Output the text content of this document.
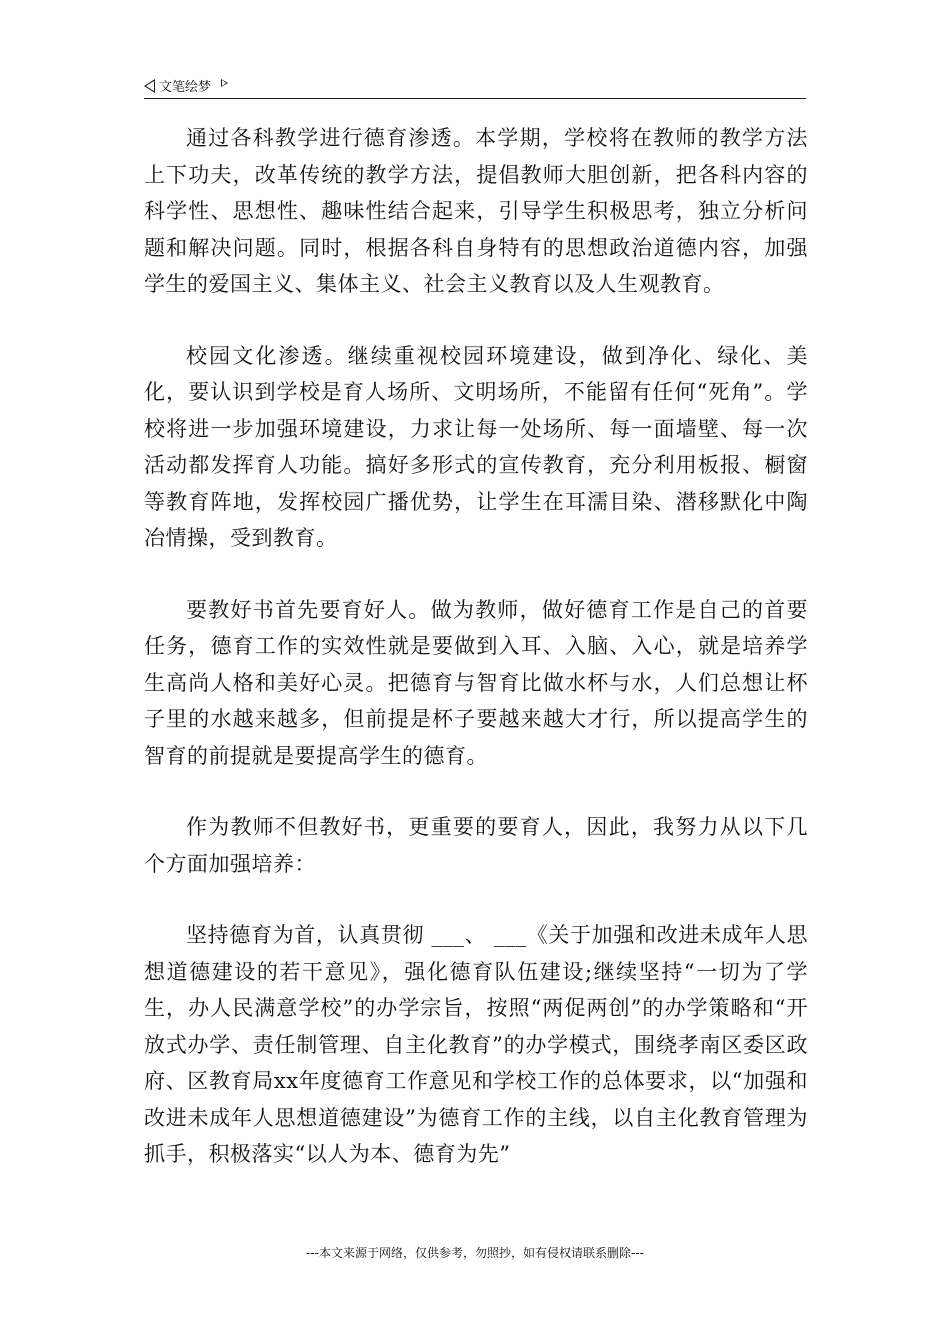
文笔绘梦

通过各科教学进行德育渗透。本学期，学校将在教师的教学方法上下功夫，改革传统的教学方法，提倡教师大胆创新，把各科内容的科学性、思想性、趣味性结合起来，引导学生积极思考，独立分析问题和解决问题。同时，根据各科自身特有的思想政治道德内容，加强学生的爱国主义、集体主义、社会主义教育以及人生观教育。

校园文化渗透。继续重视校园环境建设，做到净化、绿化、美化，要认识到学校是育人场所、文明场所，不能留有任何“死角”。学校将进一步加强环境建设，力求让每一处场所、每一面墙壁、每一次活动都发挥育人功能。搞好多形式的宣传教育，充分利用板报、橱窗等教育阵地，发挥校园广播优势，让学生在耳濡目染、潜移默化中陶冶情操，受到教育。

要教好书首先要育好人。做为教师，做好德育工作是自己的首要任务，德育工作的实效性就是要做到入耳、入脑、入心，就是培养学生高尚人格和美好心灵。把德育与智育比做水杯与水，人们总想让杯子里的水越来越多，但前提是杯子要越来越大才行，所以提高学生的智育的前提就是要提高学生的德育。

作为教师不但教好书，更重要的要育人，因此，我努力从以下几个方面加强培养：

坚持德育为首，认真贯彻 ___、 ___《关于加强和改进未成年人思想道德建设的若干意见》，强化德育队伍建设;继续坚持“一切为了学生，办人民满意学校”的办学宗旨，按照“两促两创”的办学策略和“开放式办学、责任制管理、自主化教育”的办学模式，围绕孝南区委区政府、区教育局xx年度德育工作意见和学校工作的总体要求，以“加强和改进未成年人思想道德建设”为德育工作的主线，以自主化教育管理为抓手，积极落实“以人为本、德育为先”

---本文来源于网络，仅供参考，勿照抄，如有侵权请联系删除---
